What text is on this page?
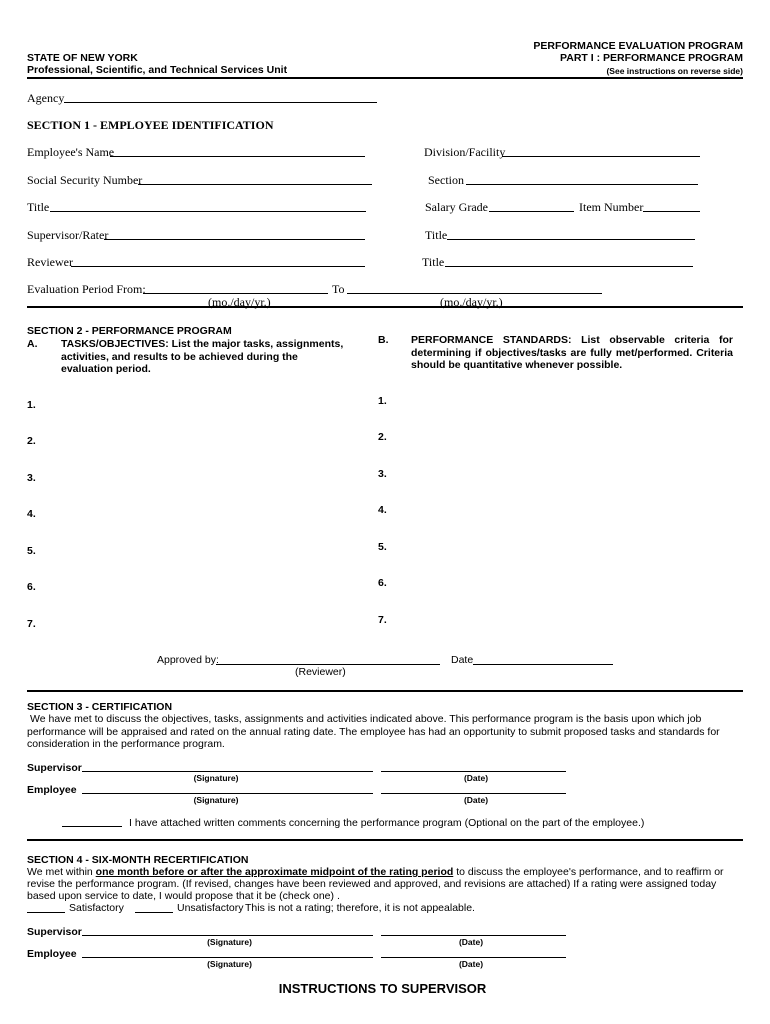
STATE OF NEW YORK
Professional, Scientific, and Technical Services Unit
PERFORMANCE EVALUATION PROGRAM
PART I : PERFORMANCE PROGRAM
(See instructions on reverse side)
Agency
SECTION 1 - EMPLOYEE IDENTIFICATION
Employee's Name	Division/Facility
Social Security Number	Section
Title	Salary Grade	Item Number
Supervisor/Rater	Title
Reviewer	Title
Evaluation Period From:	To
(mo./day/yr.)	(mo./day/yr.)
SECTION 2 - PERFORMANCE PROGRAM
A. TASKS/OBJECTIVES: List the major tasks, assignments, activities, and results to be achieved during the evaluation period.
B. PERFORMANCE STANDARDS: List observable criteria for determining if objectives/tasks are fully met/performed. Criteria should be quantitative whenever possible.
1.
2.
3.
4.
5.
6.
7.
1.
2.
3.
4.
5.
6.
7.
Approved by:	Date
(Reviewer)
SECTION 3 - CERTIFICATION
We have met to discuss the objectives, tasks, assignments and activities indicated above. This performance program is the basis upon which job performance will be appraised and rated on the annual rating date. The employee has had an opportunity to submit proposed tasks and standards for consideration in the performance program.
Supervisor
(Signature)	(Date)
Employee
(Signature)	(Date)
I have attached written comments concerning the performance program (Optional on the part of the employee.)
SECTION 4 - SIX-MONTH RECERTIFICATION
We met within one month before or after the approximate midpoint of the rating period to discuss the employee's performance, and to reaffirm or revise the performance program. (If revised, changes have been reviewed and approved, and revisions are attached) If a rating were assigned today based upon service to date, I would propose that it be (check one) .
Satisfactory	Unsatisfactory This is not a rating; therefore, it is not appealable.
Supervisor
(Signature)	(Date)
Employee
(Signature)	(Date)
INSTRUCTIONS TO SUPERVISOR
